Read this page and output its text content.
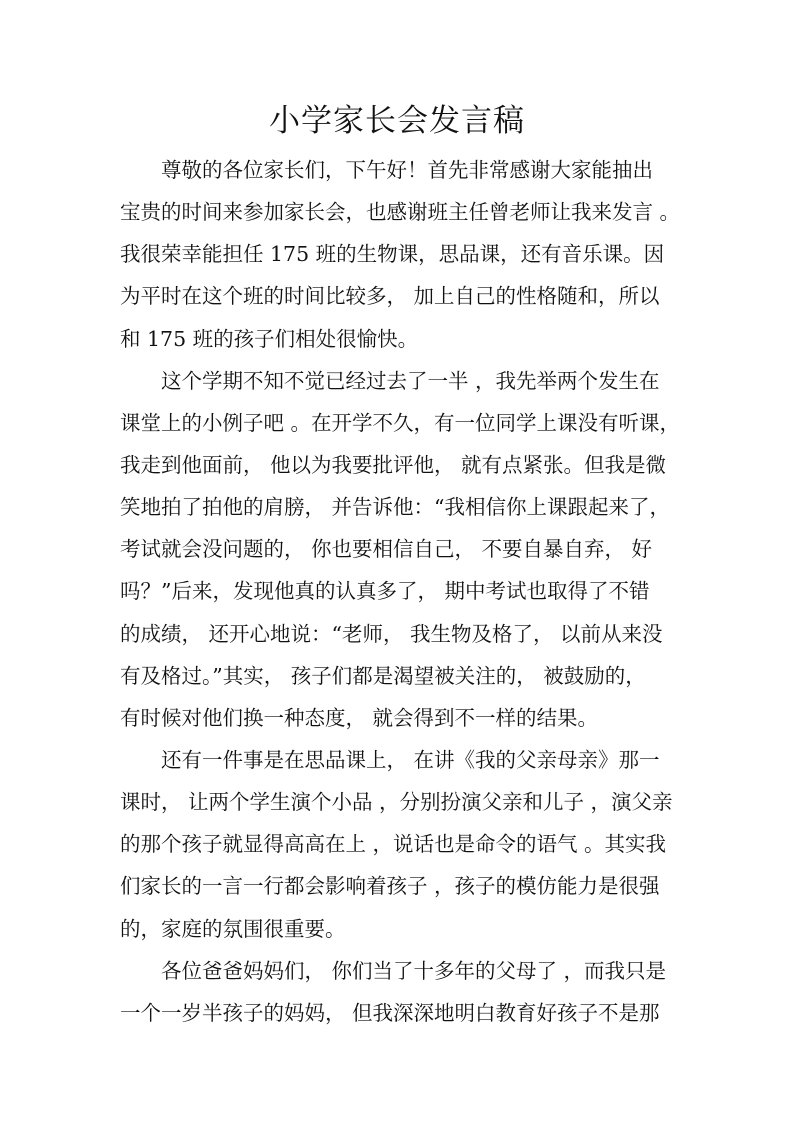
小学家长会发言稿
尊敬的各位家长们，下午好！首先非常感谢大家能抽出
宝贵的时间来参加家长会，也感谢班主任曾老师让我来发言 。
我很荣幸能担任 175 班的生物课，思品课，还有音乐课。因
为平时在这个班的时间比较多， 加上自己的性格随和，所以
和 175 班的孩子们相处很愉快。
这个学期不知不觉已经过去了一半 ，我先举两个发生在
课堂上的小例子吧 。在开学不久，有一位同学上课没有听课，
我走到他面前， 他以为我要批评他， 就有点紧张。但我是微
笑地拍了拍他的肩膀， 并告诉他：“我相信你上课跟起来了，
考试就会没问题的， 你也要相信自己， 不要自暴自弃， 好
吗？”后来，发现他真的认真多了， 期中考试也取得了不错
的成绩， 还开心地说：“老师， 我生物及格了， 以前从来没
有及格过。”其实， 孩子们都是渴望被关注的， 被鼓励的，
有时候对他们换一种态度， 就会得到不一样的结果。
还有一件事是在思品课上， 在讲《我的父亲母亲》那一
课时， 让两个学生演个小品 ，分别扮演父亲和儿子 ，演父亲
的那个孩子就显得高高在上 ，说话也是命令的语气 。其实我
们家长的一言一行都会影响着孩子 ，孩子的模仿能力是很强
的，家庭的氛围很重要。
各位爸爸妈妈们， 你们当了十多年的父母了 ，而我只是
一个一岁半孩子的妈妈， 但我深深地明白教育好孩子不是那
